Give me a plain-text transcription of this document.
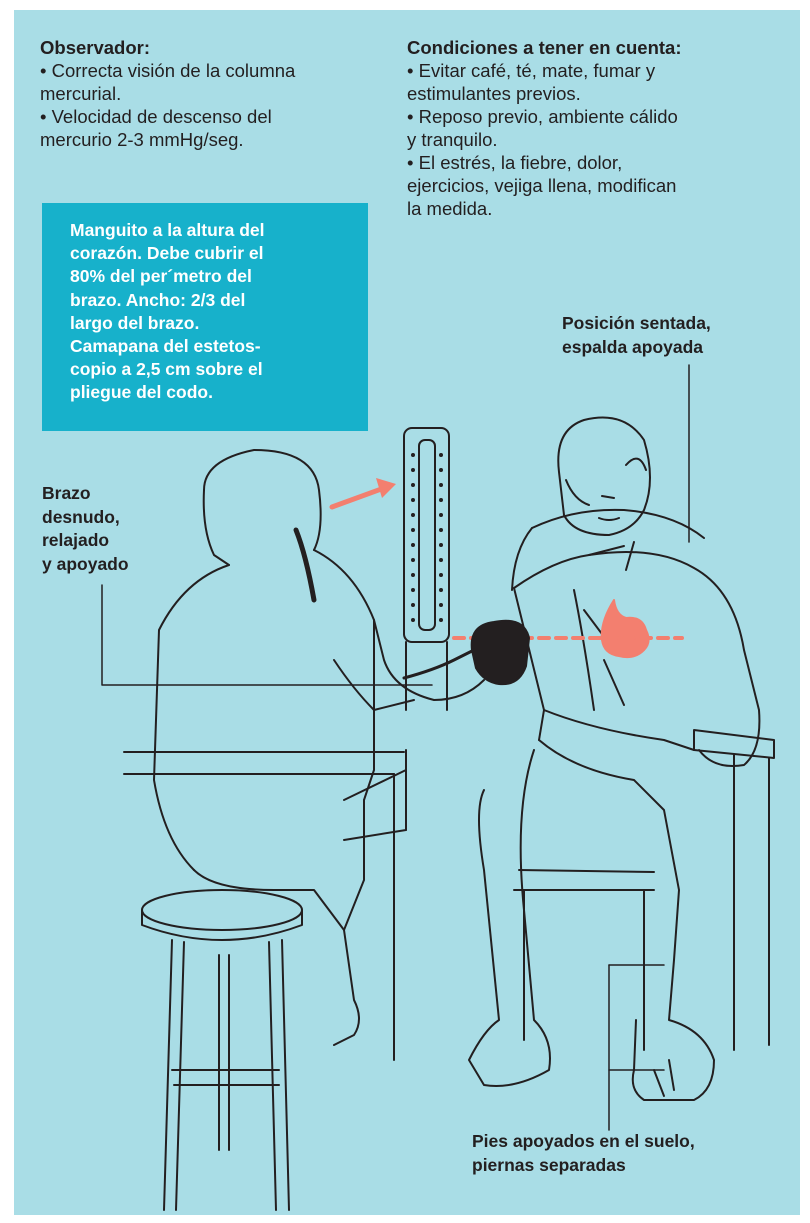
Observador:
• Correcta visión de la columna
mercurial.
• Velocidad de descenso del
mercurio 2-3 mmHg/seg.
Condiciones a tener en cuenta:
• Evitar café, té, mate, fumar y
estimulantes previos.
• Reposo previo, ambiente cálido
y tranquilo.
• El estrés, la fiebre, dolor,
ejercicios, vejiga llena, modifican
la medida.

Manguito a la altura del
corazón. Debe cubrir el
80% del per´metro del
brazo. Ancho: 2/3 del
largo del brazo.
Camapana del estetos-
copio a 2,5 cm sobre el
pliegue del codo.

Posición sentada,
espalda apoyada
Brazo
desnudo,
relajado
y apoyado
Pies apoyados en el suelo,
piernas separadas
